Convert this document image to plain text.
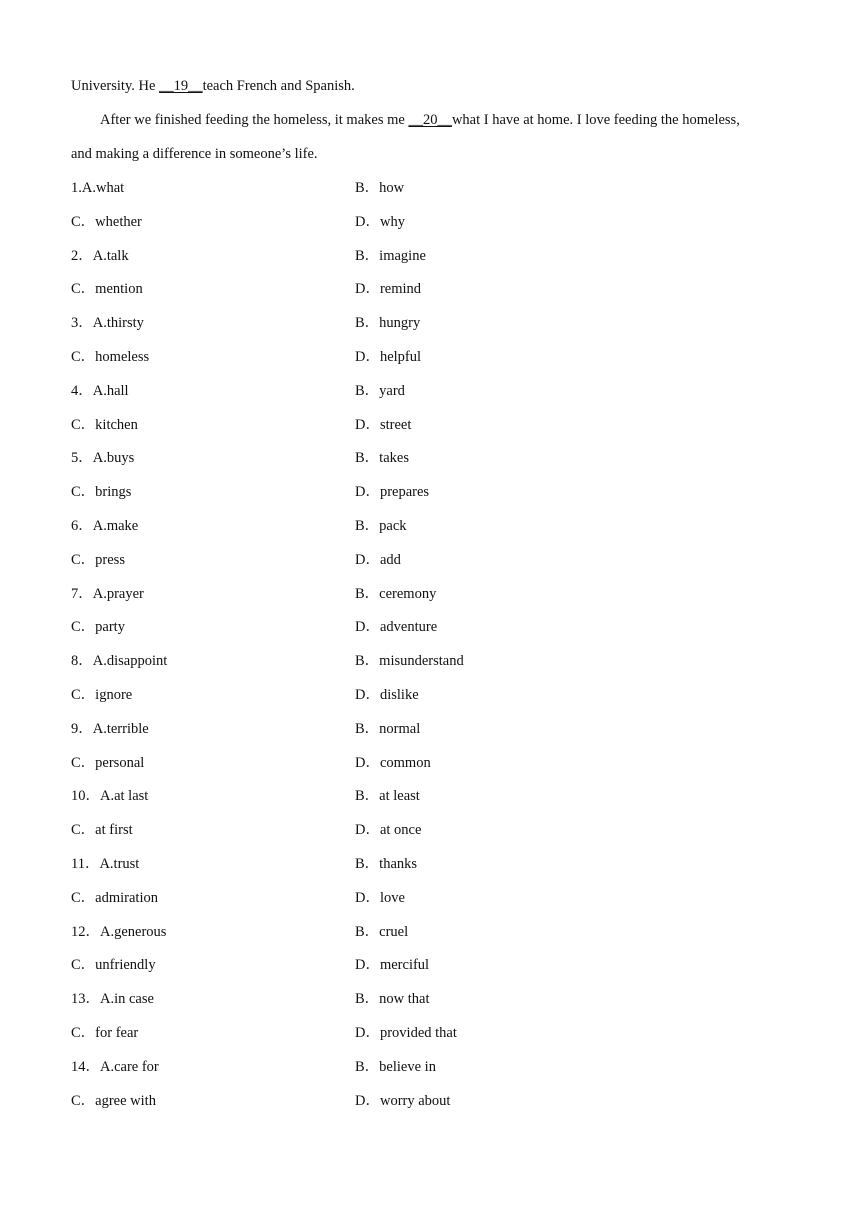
University. He __19__teach French and Spanish.
After we finished feeding the homeless, it makes me __20__what I have at home. I love feeding the homeless,
and making a difference in someone’s life.
1.A.what	B．how
C．whether	D．why
2．A.talk	B．imagine
C．mention	D．remind
3．A.thirsty	B．hungry
C．homeless	D．helpful
4．A.hall	B．yard
C．kitchen	D．street
5．A.buys	B．takes
C．brings	D．prepares
6．A.make	B．pack
C．press	D．add
7．A.prayer	B．ceremony
C．party	D．adventure
8．A.disappoint	B．misunderstand
C．ignore	D．dislike
9．A.terrible	B．normal
C．personal	D．common
10．A.at last	B．at least
C．at first	D．at once
11．A.trust	B．thanks
C．admiration	D．love
12．A.generous	B．cruel
C．unfriendly	D．merciful
13．A.in case	B．now that
C．for fear	D．provided that
14．A.care for	B．believe in
C．agree with	D．worry about
